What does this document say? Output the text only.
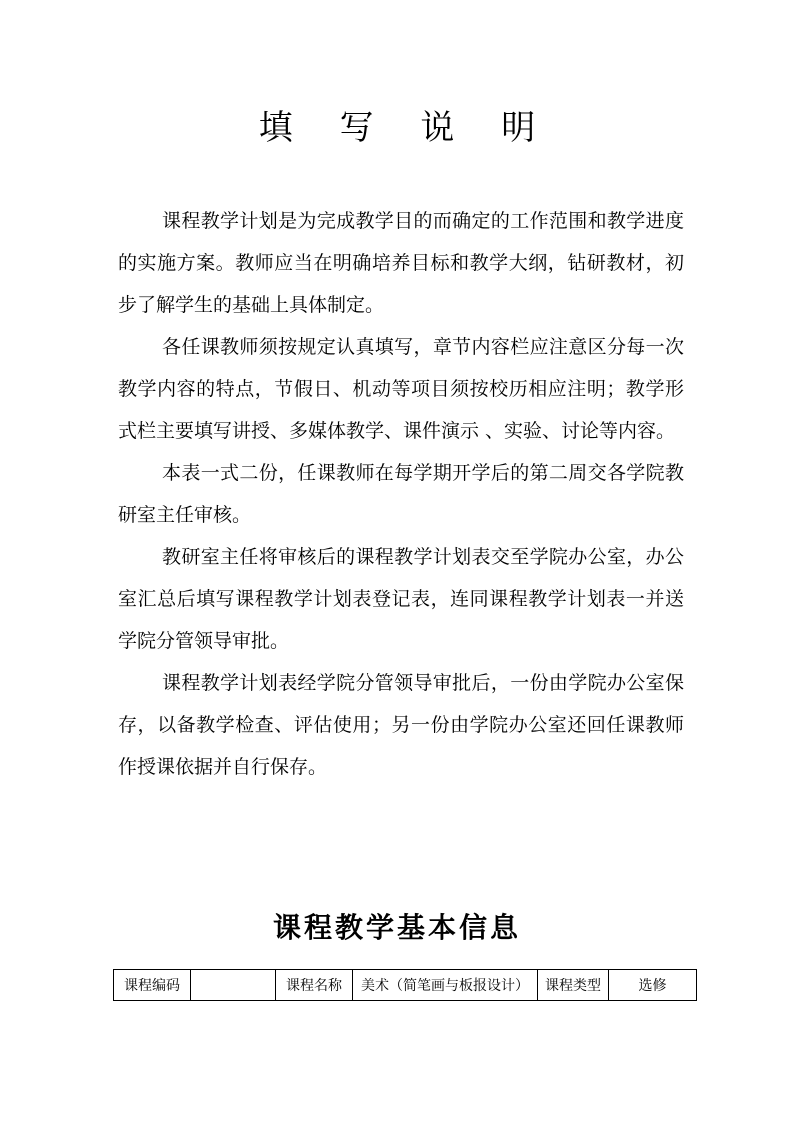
填 写 说 明

课程教学计划是为完成教学目的而确定的工作范围和教学进度的实施方案。教师应当在明确培养目标和教学大纲，钻研教材，初步了解学生的基础上具体制定。

各任课教师须按规定认真填写，章节内容栏应注意区分每一次教学内容的特点，节假日、机动等项目须按校历相应注明；教学形式栏主要填写讲授、多媒体教学、课件演示 、实验、讨论等内容。

本表一式二份，任课教师在每学期开学后的第二周交各学院教研室主任审核。

教研室主任将审核后的课程教学计划表交至学院办公室，办公室汇总后填写课程教学计划表登记表，连同课程教学计划表一并送学院分管领导审批。

课程教学计划表经学院分管领导审批后，一份由学院办公室保存，以备教学检查、评估使用；另一份由学院办公室还回任课教师作授课依据并自行保存。

课程教学基本信息
课程编码		课程名称	美术（简笔画与板报设计）	课程类型	选修
